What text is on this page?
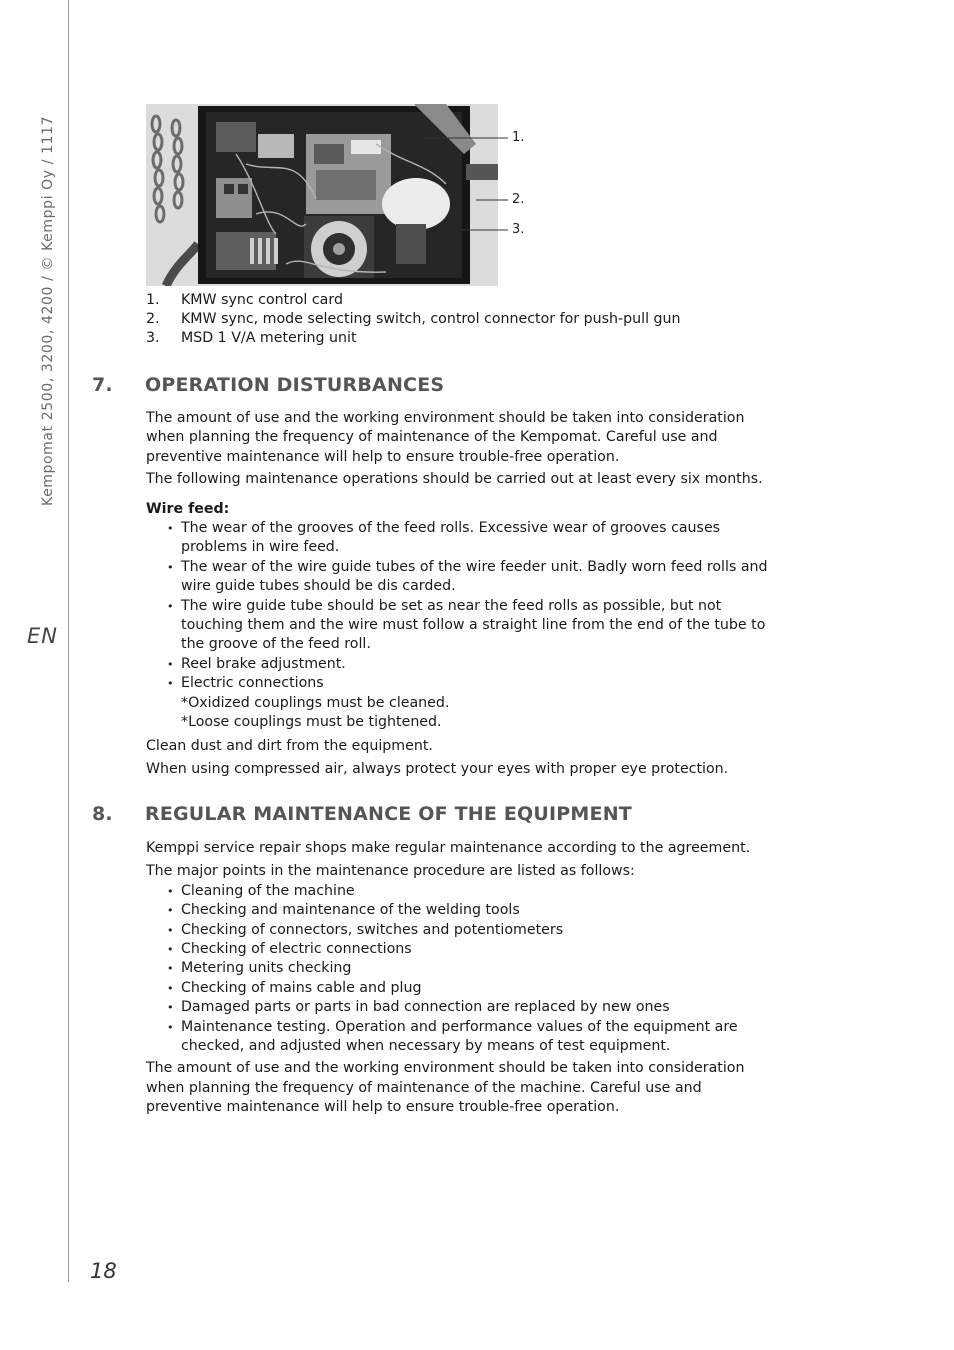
Kempomat 2500, 3200, 4200 / © Kemppi Oy / 1117
EN
1.
2.
3.
1.	KMW sync control card
2.	KMW sync, mode selecting switch, control connector for push-pull gun
3.	MSD 1 V/A metering unit
7.	OPERATION DISTURBANCES

The amount of use and the working environment should be taken into consideration when planning the frequency of maintenance of the Kempomat. Careful use and preventive maintenance will help to ensure trouble-free operation.

The following maintenance operations should be carried out at least every six months.

Wire feed:

• The wear of the grooves of the feed rolls. Excessive wear of grooves causes problems in wire feed.
• The wear of the wire guide tubes of the wire feeder unit. Badly worn feed rolls and wire guide tubes should be dis carded.
• The wire guide tube should be set as near the feed rolls as possible, but not touching them and the wire must follow a straight line from the end of the tube to the groove of the feed roll.
• Reel brake adjustment.
• Electric connections
*Oxidized couplings must be cleaned.
*Loose couplings must be tightened.

Clean dust and dirt from the equipment.

When using compressed air, always protect your eyes with proper eye protection.

8.	REGULAR MAINTENANCE OF THE EQUIPMENT

Kemppi service repair shops make regular maintenance according to the agreement.

The major points in the maintenance procedure are listed as follows:

• Cleaning of the machine
• Checking and maintenance of the welding tools
• Checking of connectors, switches and potentiometers
• Checking of electric connections
• Metering units checking
• Checking of mains cable and plug
• Damaged parts or parts in bad connection are replaced by new ones
• Maintenance testing. Operation and performance values of the equipment are checked, and adjusted when necessary by means of test equipment.

The amount of use and the working environment should be taken into consideration when planning the frequency of maintenance of the machine. Careful use and preventive maintenance will help to ensure trouble-free operation.

18
